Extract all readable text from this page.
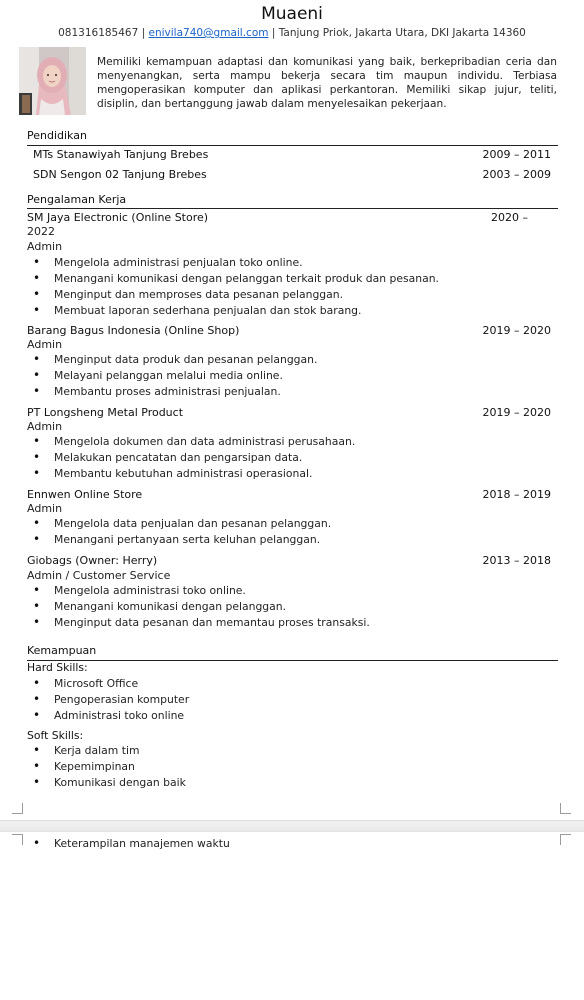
Muaeni
081316185467 | enivila740@gmail.com | Tanjung Priok, Jakarta Utara, DKI Jakarta 14360
Memiliki kemampuan adaptasi dan komunikasi yang baik, berkepribadian ceria dan menyenangkan, serta mampu bekerja secara tim maupun individu. Terbiasa mengoperasikan komputer dan aplikasi perkantoran. Memiliki sikap jujur, teliti, disiplin, dan bertanggung jawab dalam menyelesaikan pekerjaan.
Pendidikan
MTs Stanawiyah Tanjung Brebes	2009 – 2011
SDN Sengon 02 Tanjung Brebes	2003 – 2009
Pengalaman Kerja
SM Jaya Electronic (Online Store)	2020 –
2022
Admin
Mengelola administrasi penjualan toko online.
Menangani komunikasi dengan pelanggan terkait produk dan pesanan.
Menginput dan memproses data pesanan pelanggan.
Membuat laporan sederhana penjualan dan stok barang.
Barang Bagus Indonesia (Online Shop)	2019 – 2020
Admin
Menginput data produk dan pesanan pelanggan.
Melayani pelanggan melalui media online.
Membantu proses administrasi penjualan.
PT Longsheng Metal Product	2019 – 2020
Admin
Mengelola dokumen dan data administrasi perusahaan.
Melakukan pencatatan dan pengarsipan data.
Membantu kebutuhan administrasi operasional.
Ennwen Online Store	2018 – 2019
Admin
Mengelola data penjualan dan pesanan pelanggan.
Menangani pertanyaan serta keluhan pelanggan.
Giobags (Owner: Herry)	2013 – 2018
Admin / Customer Service
Mengelola administrasi toko online.
Menangani komunikasi dengan pelanggan.
Menginput data pesanan dan memantau proses transaksi.
Kemampuan
Hard Skills:
Microsoft Office
Pengoperasian komputer
Administrasi toko online
Soft Skills:
Kerja dalam tim
Kepemimpinan
Komunikasi dengan baik
Keterampilan manajemen waktu
